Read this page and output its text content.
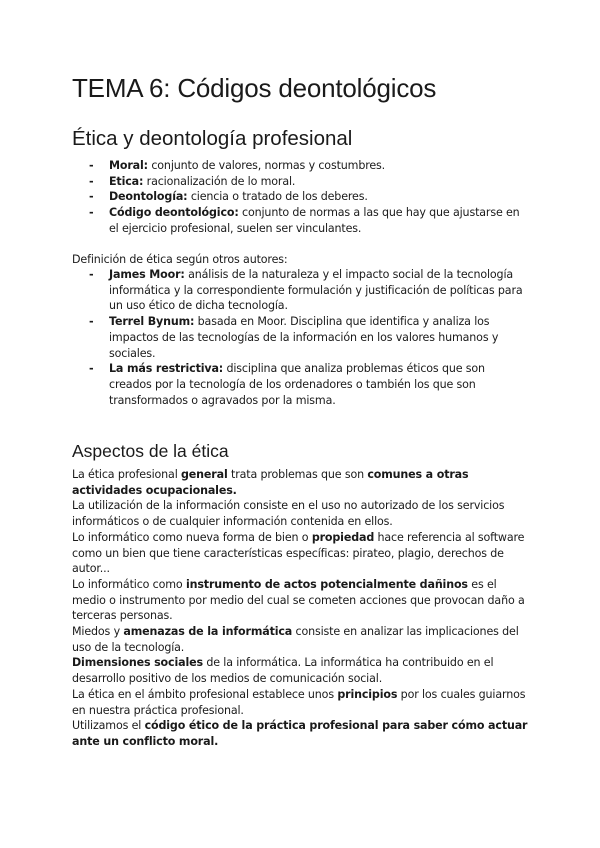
TEMA 6: Códigos deontológicos
Ética y deontología profesional
- Moral: conjunto de valores, normas y costumbres.
- Etica: racionalización de lo moral.
- Deontología: ciencia o tratado de los deberes.
- Código deontológico: conjunto de normas a las que hay que ajustarse en el ejercicio profesional, suelen ser vinculantes.

Definición de ética según otros autores:

- James Moor: análisis de la naturaleza y el impacto social de la tecnología informática y la correspondiente formulación y justificación de políticas para un uso ético de dicha tecnología.
- Terrel Bynum: basada en Moor. Disciplina que identifica y analiza los impactos de las tecnologías de la información en los valores humanos y sociales.
- La más restrictiva: disciplina que analiza problemas éticos que son creados por la tecnología de los ordenadores o también los que son transformados o agravados por la misma.
Aspectos de la ética

La ética profesional general trata problemas que son comunes a otras actividades ocupacionales.

La utilización de la información consiste en el uso no autorizado de los servicios informáticos o de cualquier información contenida en ellos.

Lo informático como nueva forma de bien o propiedad hace referencia al software como un bien que tiene características específicas: pirateo, plagio, derechos de autor...

Lo informático como instrumento de actos potencialmente dañinos es el medio o instrumento por medio del cual se cometen acciones que provocan daño a terceras personas.

Miedos y amenazas de la informática consiste en analizar las implicaciones del uso de la tecnología.

Dimensiones sociales de la informática. La informática ha contribuido en el desarrollo positivo de los medios de comunicación social.

La ética en el ámbito profesional establece unos principios por los cuales guiarnos en nuestra práctica profesional.

Utilizamos el código ético de la práctica profesional para saber cómo actuar ante un conflicto moral.
